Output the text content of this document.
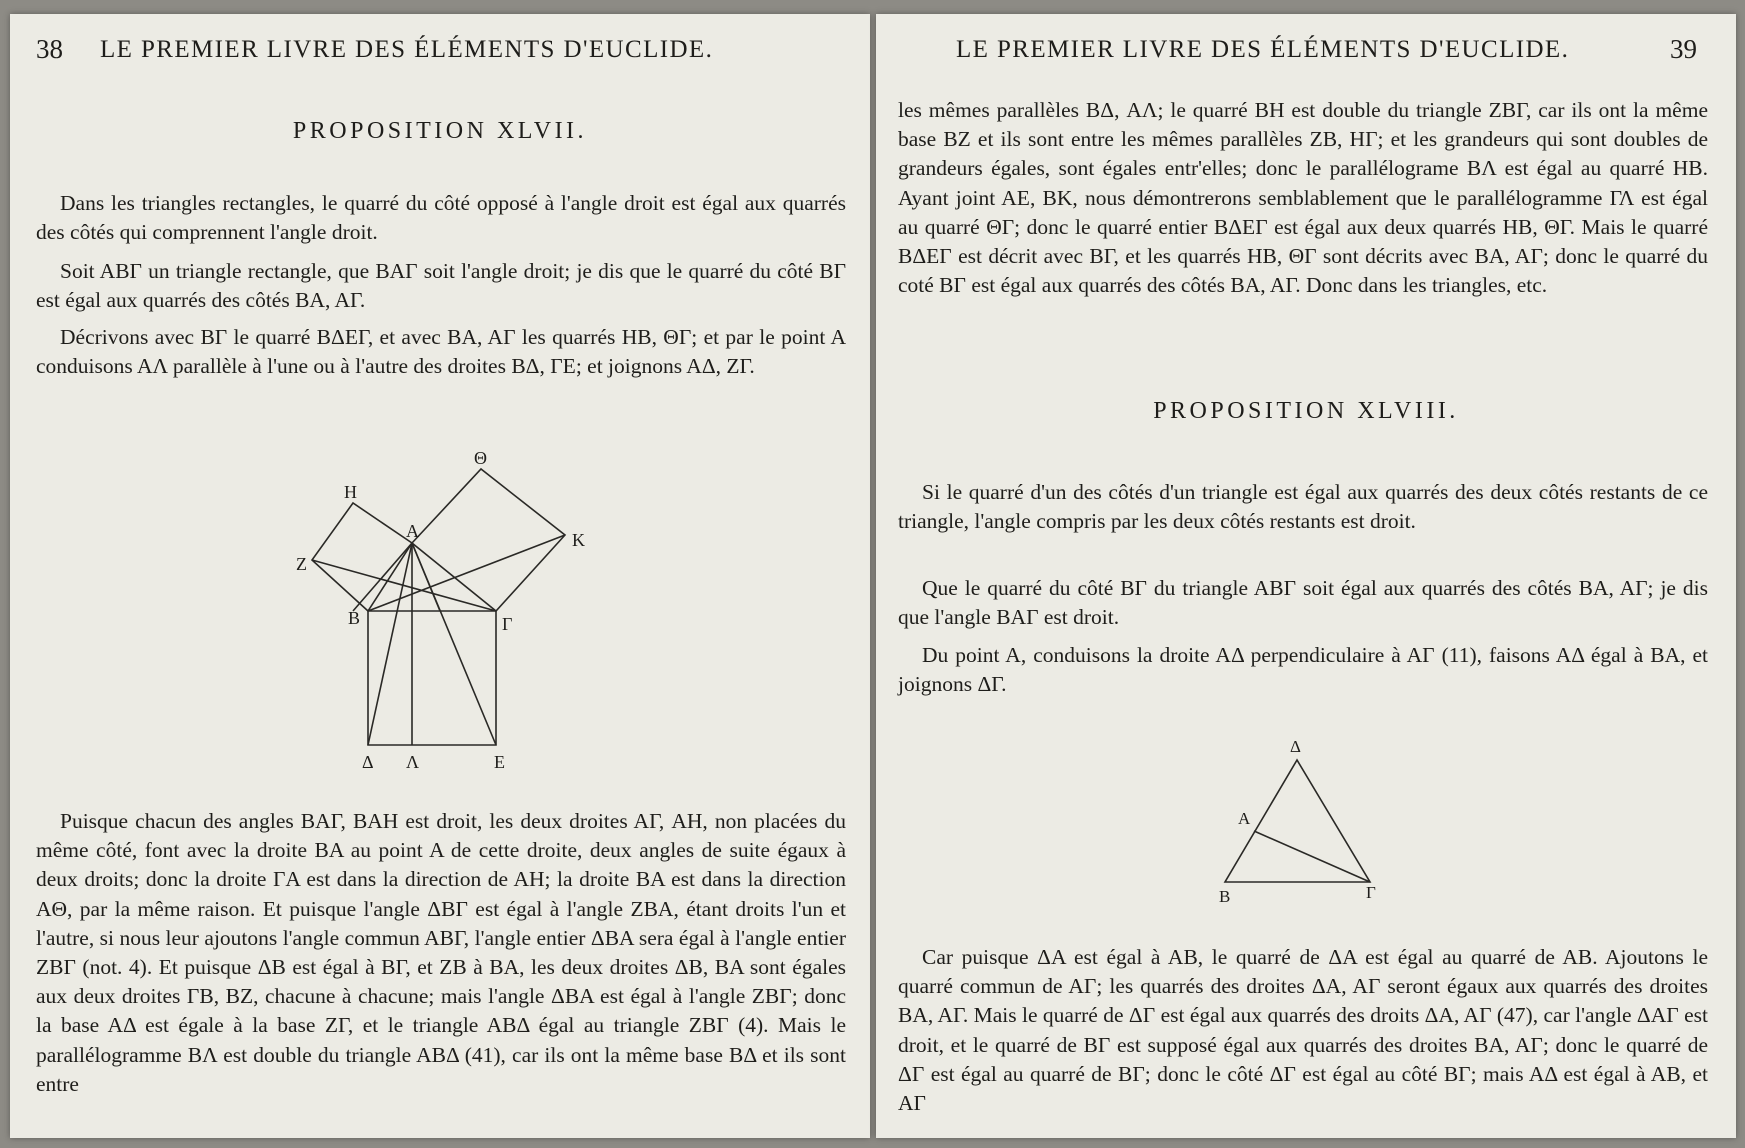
38 LE PREMIER LIVRE DES ÉLÉMENTS D'EUCLIDE.
PROPOSITION XLVII.

Dans les triangles rectangles, le quarré du côté opposé à l'angle droit est égal aux quarrés des côtés qui comprennent l'angle droit.

Soit ABΓ un triangle rectangle, que BAΓ soit l'angle droit; je dis que le quarré du côté BΓ est égal aux quarrés des côtés BA, AΓ.

Décrivons avec BΓ le quarré BΔEΓ, et avec BA, AΓ les quarrés HB, ΘΓ; et par le point A conduisons AΛ parallèle à l'une ou à l'autre des droites BΔ, ΓE; et joignons AΔ, ZΓ.

H
Θ
K
A
Z
B	Γ
Δ Λ	E

Puisque chacun des angles BAΓ, BAH est droit, les deux droites AΓ, AH, non placées du même côté, font avec la droite BA au point A de cette droite, deux angles de suite égaux à deux droits; donc la droite ΓA est dans la direction de AH; la droite BA est dans la direction AΘ, par la même raison. Et puisque l'angle ΔBΓ est égal à l'angle ZBA, étant droits l'un et l'autre, si nous leur ajoutons l'angle commun ABΓ, l'angle entier ΔBA sera égal à l'angle entier ZBΓ (not. 4). Et puisque ΔB est égal à BΓ, et ZB à BA, les deux droites ΔB, BA sont égales aux deux droites ΓB, BZ, chacune à chacune; mais l'angle ΔBA est égal à l'angle ZBΓ; donc la base AΔ est égale à la base ZΓ, et le triangle ABΔ égal au triangle ZBΓ (4). Mais le parallélogramme BΛ est double du triangle ABΔ (41), car ils ont la même base BΔ et ils sont entre

LE PREMIER LIVRE DES ÉLÉMENTS D'EUCLIDE.	39

les mêmes parallèles BΔ, AΛ; le quarré BH est double du triangle ZBΓ, car ils ont la même base BZ et ils sont entre les mêmes parallèles ZB, HΓ; et les grandeurs qui sont doubles de grandeurs égales, sont égales entr'elles; donc le parallélograme BΛ est égal au quarré HB. Ayant joint AE, BK, nous démontrerons semblablement que le parallélogramme ΓΛ est égal au quarré ΘΓ; donc le quarré entier BΔEΓ est égal aux deux quarrés HB, ΘΓ. Mais le quarré BΔEΓ est décrit avec BΓ, et les quarrés HB, ΘΓ sont décrits avec BA, AΓ; donc le quarré du coté BΓ est égal aux quarrés des côtés BA, AΓ. Donc dans les triangles, etc.

PROPOSITION XLVIII.

Si le quarré d'un des côtés d'un triangle est égal aux quarrés des deux côtés restants de ce triangle, l'angle compris par les deux côtés restants est droit.

Que le quarré du côté BΓ du triangle ABΓ soit égal aux quarrés des côtés BA, AΓ; je dis que l'angle BAΓ est droit.

Du point A, conduisons la droite AΔ perpendiculaire à AΓ (11), faisons AΔ égal à BA, et joignons ΔΓ.

Δ
A
B	Γ

Car puisque ΔA est égal à AB, le quarré de ΔA est égal au quarré de AB. Ajoutons le quarré commun de AΓ; les quarrés des droites ΔA, AΓ seront égaux aux quarrés des droites BA, AΓ. Mais le quarré de ΔΓ est égal aux quarrés des droits ΔA, AΓ (47), car l'angle ΔAΓ est droit, et le quarré de BΓ est supposé égal aux quarrés des droites BA, AΓ; donc le quarré de ΔΓ est égal au quarré de BΓ; donc le côté ΔΓ est égal au côté BΓ; mais AΔ est égal à AB, et AΓ
